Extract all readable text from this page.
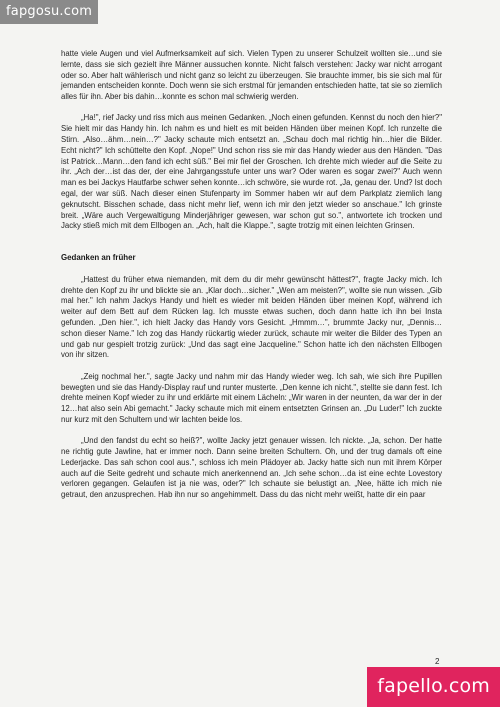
hatte viele Augen und viel Aufmerksamkeit auf sich. Vielen Typen zu unserer Schulzeit wollten sie…und sie lernte, dass sie sich gezielt ihre Männer aussuchen konnte. Nicht falsch verstehen: Jacky war nicht arrogant oder so. Aber halt wählerisch und nicht ganz so leicht zu überzeugen. Sie brauchte immer, bis sie sich mal für jemanden entscheiden konnte. Doch wenn sie sich erstmal für jemanden entschieden hatte, tat sie so ziemlich alles für ihn. Aber bis dahin…konnte es schon mal schwierig werden.

„Ha!", rief Jacky und riss mich aus meinen Gedanken. „Noch einen gefunden. Kennst du noch den hier?" Sie hielt mir das Handy hin. Ich nahm es und hielt es mit beiden Händen über meinen Kopf. Ich runzelte die Stirn. „Also…ähm…nein…?" Jacky schaute mich entsetzt an. „Schau doch mal richtig hin…hier die Bilder. Echt nicht?" Ich schüttelte den Kopf. „Nope!" Und schon riss sie mir das Handy wieder aus den Händen. "Das ist Patrick…Mann…den fand ich echt süß." Bei mir fiel der Groschen. Ich drehte mich wieder auf die Seite zu ihr. „Ach der…ist das der, der eine Jahrgangsstufe unter uns war? Oder waren es sogar zwei?" Auch wenn man es bei Jackys Hautfarbe schwer sehen konnte…ich schwöre, sie wurde rot. „Ja, genau der. Und? Ist doch egal, der war süß. Nach dieser einen Stufenparty im Sommer haben wir auf dem Parkplatz ziemlich lang geknutscht. Bisschen schade, dass nicht mehr lief, wenn ich mir den jetzt wieder so anschaue." Ich grinste breit. „Wäre auch Vergewaltigung Minderjähriger gewesen, war schon gut so.", antwortete ich trocken und Jacky stieß mich mit dem Ellbogen an. „Ach, halt die Klappe.", sagte trotzig mit einen leichten Grinsen.

Gedanken an früher

„Hattest du früher etwa niemanden, mit dem du dir mehr gewünscht hättest?", fragte Jacky mich. Ich drehte den Kopf zu ihr und blickte sie an. „Klar doch…sicher." „Wen am meisten?", wollte sie nun wissen. „Gib mal her." Ich nahm Jackys Handy und hielt es wieder mit beiden Händen über meinen Kopf, während ich weiter auf dem Bett auf dem Rücken lag. Ich musste etwas suchen, doch dann hatte ich ihn bei Insta gefunden. „Den hier.", ich hielt Jacky das Handy vors Gesicht. „Hmmm…", brummte Jacky nur, „Dennis…schon dieser Name." Ich zog das Handy rückartig wieder zurück, schaute mir weiter die Bilder des Typen an und gab nur gespielt trotzig zurück: „Und das sagt eine Jacqueline." Schon hatte ich den nächsten Ellbogen von ihr sitzen.

„Zeig nochmal her.", sagte Jacky und nahm mir das Handy wieder weg. Ich sah, wie sich ihre Pupillen bewegten und sie das Handy-Display rauf und runter musterte. „Den kenne ich nicht.", stellte sie dann fest. Ich drehte meinen Kopf wieder zu ihr und erklärte mit einem Lächeln: „Wir waren in der neunten, da war der in der 12…hat also sein Abi gemacht." Jacky schaute mich mit einem entsetzten Grinsen an. „Du Luder!" Ich zuckte nur kurz mit den Schultern und wir lachten beide los.

„Und den fandst du echt so heiß?", wollte Jacky jetzt genauer wissen. Ich nickte. „Ja, schon. Der hatte ne richtig gute Jawline, hat er immer noch. Dann seine breiten Schultern. Oh, und der trug damals oft eine Lederjacke. Das sah schon cool aus.", schloss ich mein Plädoyer ab. Jacky hatte sich nun mit ihrem Körper auch auf die Seite gedreht und schaute mich anerkennend an. „Ich sehe schon…da ist eine echte Lovestory verloren gegangen. Gelaufen ist ja nie was, oder?" Ich schaute sie belustigt an. „Nee, hätte ich mich nie getraut, den anzusprechen. Hab ihn nur so angehimmelt. Dass du das nicht mehr weißt, hatte dir ein paar

2
fapgosu.com
fapello.com
